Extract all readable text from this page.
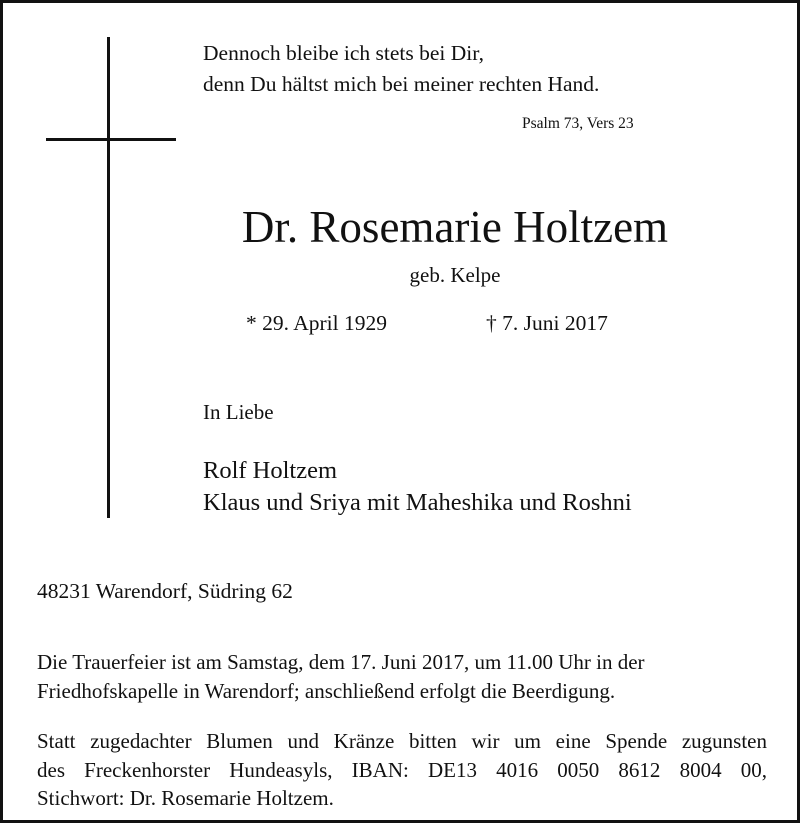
Dennoch bleibe ich stets bei Dir,
denn Du hältst mich bei meiner rechten Hand.
Psalm 73, Vers 23
Dr. Rosemarie Holtzem
geb. Kelpe
* 29. April 1929	† 7. Juni 2017
In Liebe
Rolf Holtzem
Klaus und Sriya mit Maheshika und Roshni
48231 Warendorf, Südring 62
Die Trauerfeier ist am Samstag, dem 17. Juni 2017, um 11.00 Uhr in der
Friedhofskapelle in Warendorf; anschließend erfolgt die Beerdigung.
Statt zugedachter Blumen und Kränze bitten wir um eine Spende zugunsten
des Freckenhorster Hundeasyls, IBAN: DE13 4016 0050 8612 8004 00,
Stichwort: Dr. Rosemarie Holtzem.
